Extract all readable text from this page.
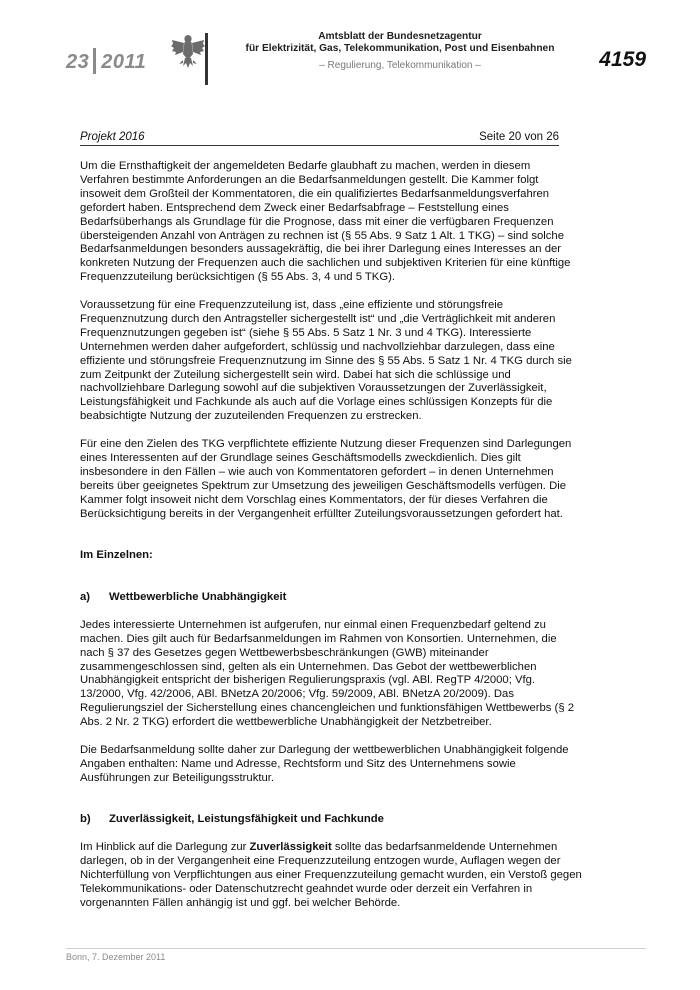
23 2011
Amtsblatt der Bundesnetzagentur
für Elektrizität, Gas, Telekommunikation, Post und Eisenbahnen
– Regulierung, Telekommunikation –	4159
Projekt 2016	Seite 20 von 26

Um die Ernsthaftigkeit der angemeldeten Bedarfe glaubhaft zu machen, werden in diesem Verfahren bestimmte Anforderungen an die Bedarfsanmeldungen gestellt. Die Kammer folgt insoweit dem Großteil der Kommentatoren, die ein qualifiziertes Bedarfsanmeldungsverfahren gefordert haben. Entsprechend dem Zweck einer Bedarfsabfrage – Feststellung eines Bedarfsüberhangs als Grundlage für die Prognose, dass mit einer die verfügbaren Frequenzen übersteigenden Anzahl von Anträgen zu rechnen ist (§ 55 Abs. 9 Satz 1 Alt. 1 TKG) – sind solche Bedarfsanmeldungen besonders aussagekräftig, die bei ihrer Darlegung eines Interesses an der konkreten Nutzung der Frequenzen auch die sachlichen und subjektiven Kriterien für eine künftige Frequenzzuteilung berücksichtigen (§ 55 Abs. 3, 4 und 5 TKG).

Voraussetzung für eine Frequenzzuteilung ist, dass „eine effiziente und störungsfreie Frequenznutzung durch den Antragsteller sichergestellt ist“ und „die Verträglichkeit mit anderen Frequenznutzungen gegeben ist“ (siehe § 55 Abs. 5 Satz 1 Nr. 3 und 4 TKG). Interessierte Unternehmen werden daher aufgefordert, schlüssig und nachvollziehbar darzulegen, dass eine effiziente und störungsfreie Frequenznutzung im Sinne des § 55 Abs. 5 Satz 1 Nr. 4 TKG durch sie zum Zeitpunkt der Zuteilung sichergestellt sein wird. Dabei hat sich die schlüssige und nachvollziehbare Darlegung sowohl auf die subjektiven Voraussetzungen der Zuverlässigkeit, Leistungsfähigkeit und Fachkunde als auch auf die Vorlage eines schlüssigen Konzepts für die beabsichtigte Nutzung der zuzuteilenden Frequenzen zu erstrecken.

Für eine den Zielen des TKG verpflichtete effiziente Nutzung dieser Frequenzen sind Darlegungen eines Interessenten auf der Grundlage seines Geschäftsmodells zweckdienlich. Dies gilt insbesondere in den Fällen – wie auch von Kommentatoren gefordert – in denen Unternehmen bereits über geeignetes Spektrum zur Umsetzung des jeweiligen Geschäftsmodells verfügen. Die Kammer folgt insoweit nicht dem Vorschlag eines Kommentators, der für dieses Verfahren die Berücksichtigung bereits in der Vergangenheit erfüllter Zuteilungsvoraussetzungen gefordert hat.

Im Einzelnen:

a) Wettbewerbliche Unabhängigkeit

Jedes interessierte Unternehmen ist aufgerufen, nur einmal einen Frequenzbedarf geltend zu machen. Dies gilt auch für Bedarfsanmeldungen im Rahmen von Konsortien. Unternehmen, die nach § 37 des Gesetzes gegen Wettbewerbsbeschränkungen (GWB) miteinander zusammengeschlossen sind, gelten als ein Unternehmen. Das Gebot der wettbewerblichen Unabhängigkeit entspricht der bisherigen Regulierungspraxis (vgl. ABl. RegTP 4/2000; Vfg. 13/2000, Vfg. 42/2006, ABl. BNetzA 20/2006; Vfg. 59/2009, ABl. BNetzA 20/2009). Das Regulierungsziel der Sicherstellung eines chancengleichen und funktionsfähigen Wettbewerbs (§ 2 Abs. 2 Nr. 2 TKG) erfordert die wettbewerbliche Unabhängigkeit der Netzbetreiber.

Die Bedarfsanmeldung sollte daher zur Darlegung der wettbewerblichen Unabhängigkeit folgende Angaben enthalten: Name und Adresse, Rechtsform und Sitz des Unternehmens sowie Ausführungen zur Beteiligungsstruktur.

b) Zuverlässigkeit, Leistungsfähigkeit und Fachkunde

Im Hinblick auf die Darlegung zur Zuverlässigkeit sollte das bedarfsanmeldende Unternehmen darlegen, ob in der Vergangenheit eine Frequenzzuteilung entzogen wurde, Auflagen wegen der Nichterfüllung von Verpflichtungen aus einer Frequenzzuteilung gemacht wurden, ein Verstoß gegen Telekommunikations- oder Datenschutzrecht geahndet wurde oder derzeit ein Verfahren in vorgenannten Fällen anhängig ist und ggf. bei welcher Behörde.

Bonn, 7. Dezember 2011
